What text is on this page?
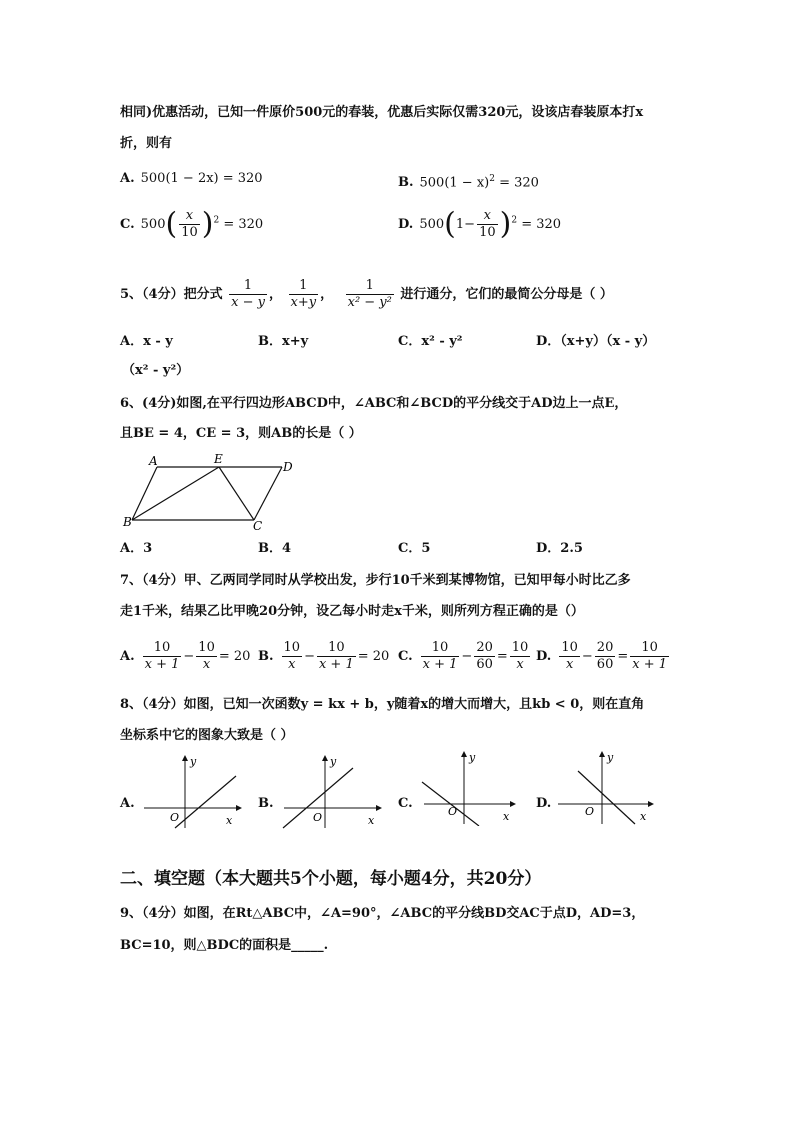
相同)优惠活动，已知一件原价500元的春装，优惠后实际仅需320元，设该店春装原本打x
折，则有
A. 500(1 − 2x) = 320	B. $500(1 - x)^2 = 320$
C. $500( \frac{x}{10} )^2 = 320$	D. $500(1- \frac{x}{10} )^2 = 320$
5、（4分）把分式 $\frac{1}{x - y}$ ， $\frac{1}{x+y}$ ， $\frac{1}{\text{x² − y²}}$ 进行通分，它们的最简公分母是（ ）
A．x - y	B．x+y	C．x² - y²	D．（x+y）（x - y）
（x² - y²）
6、(4分)如图,在平行四边形ABCD中，∠ABC和∠BCD的平分线交于AD边上一点E，
且BE = 4，CE = 3，则AB的长是（ ）
A	E
D
B	C
A．3	B．4	C．5	D．2.5
7、（4分）甲、乙两同学同时从学校出发，步行10千米到某博物馆，已知甲每小时比乙多
走1千米，结果乙比甲晚20分钟，设乙每小时走x千米，则所列方程正确的是（）
A. $\frac{10}{x + 1} - \frac{10}{x} = 20$ B. $\frac{10}{x} - \frac{10}{x + 1} = 20$ C. $\frac{10}{x + 1} - \frac{20}{60} = \frac{10}{x} D$. $\frac{10}{x} - \frac{20}{60} = \frac{10}{x + 1}$
8、（4分）如图，已知一次函数y = kx + b，y随着x的增大而增大，且kb < 0，则在直角
坐标系中它的图象大致是（ ）
A.	B.	C.	D.
y
x
O
y
x
O
y
x
O
y
x
O
二、填空题（本大题共5个小题，每小题4分，共20分）
9、（4分）如图，在Rt△ABC中，∠A=90°，∠ABC的平分线BD交AC于点D，AD=3，
BC=10，则△BDC的面积是_____.
